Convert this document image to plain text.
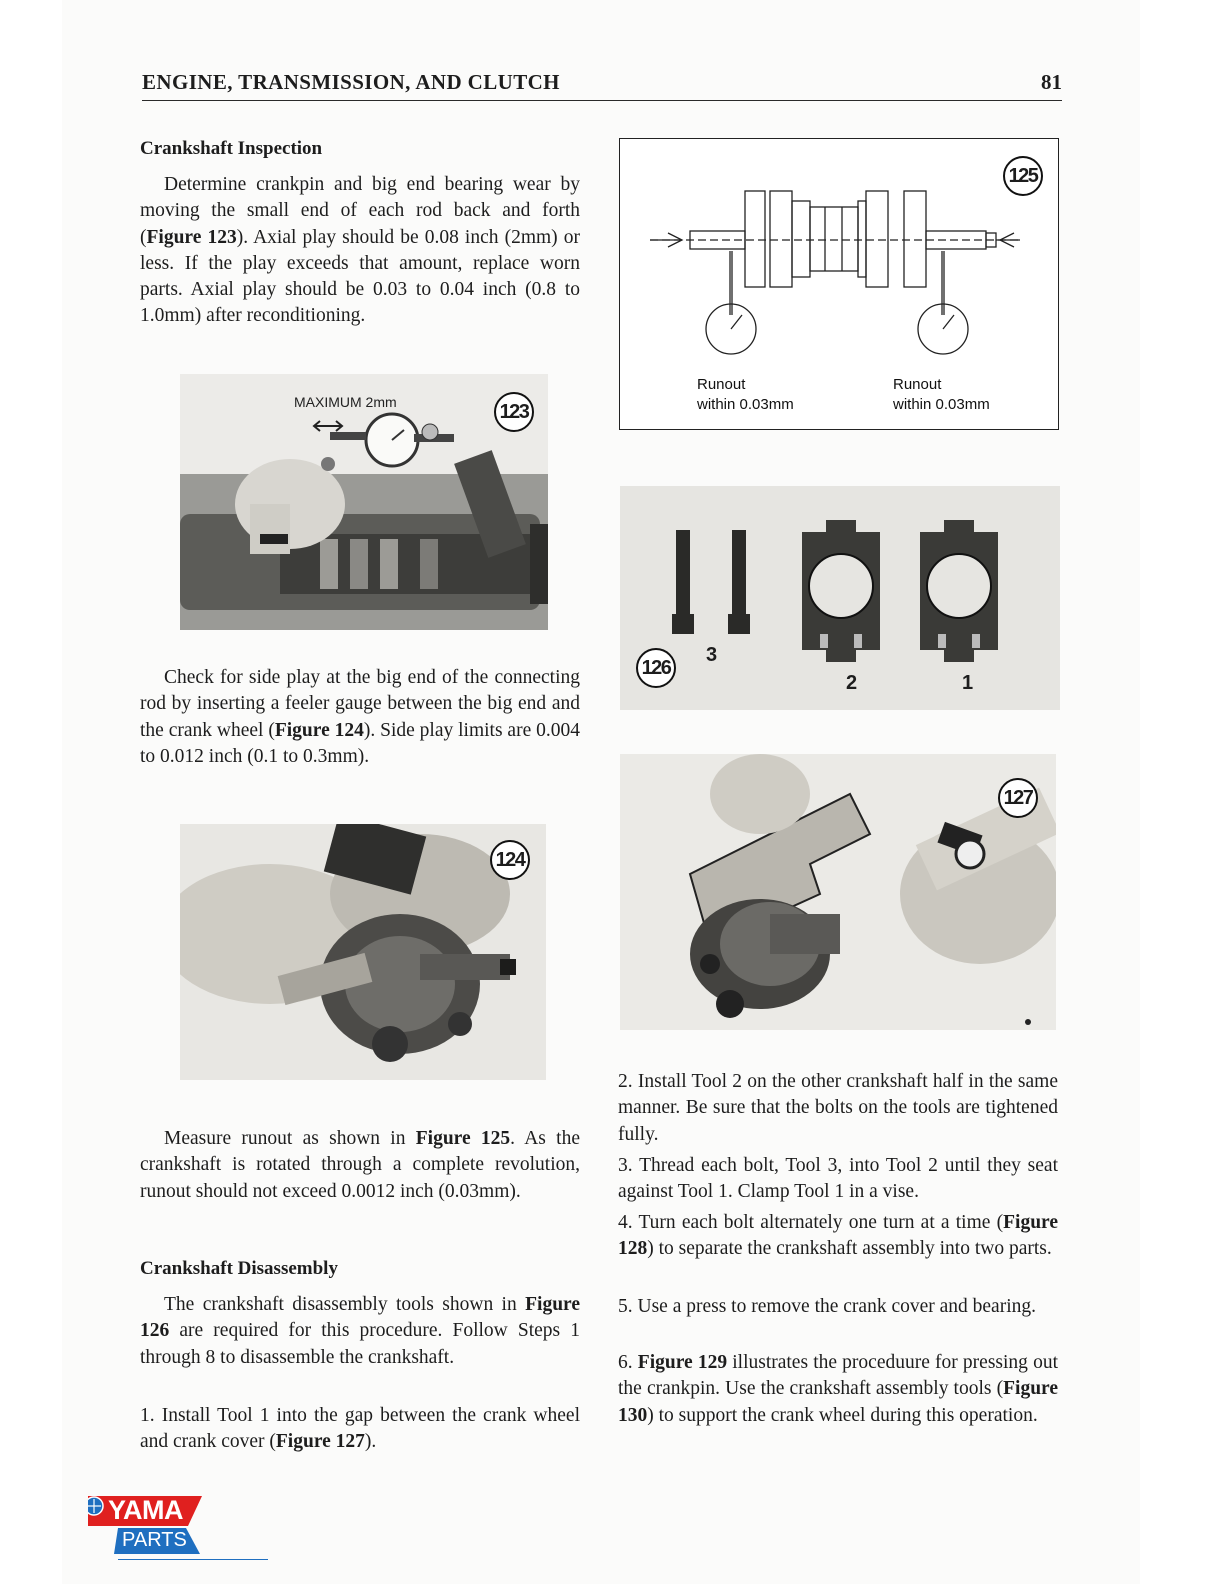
ENGINE, TRANSMISSION, AND CLUTCH	81
Crankshaft Inspection

Determine crankpin and big end bearing wear by moving the small end of each rod back and forth (Figure 123). Axial play should be 0.08 inch (2mm) or less. If the play exceeds that amount, replace worn parts. Axial play should be 0.03 to 0.04 inch (0.8 to 1.0mm) after reconditioning.

MAXIMUM 2mm	123

Check for side play at the big end of the connecting rod by inserting a feeler gauge between the big end and the crank wheel (Figure 124). Side play limits are 0.004 to 0.012 inch (0.1 to 0.3mm).

124

Measure runout as shown in Figure 125. As the crankshaft is rotated through a complete revolution, runout should not exceed 0.0012 inch (0.03mm).

Crankshaft Disassembly

The crankshaft disassembly tools shown in Figure 126 are required for this procedure. Follow Steps 1 through 8 to disassemble the crankshaft.

1. Install Tool 1 into the gap between the crank wheel and crank cover (Figure 127).

125
Runout
within 0.03mm
Runout
within 0.03mm
126
3
2	1
127

2. Install Tool 2 on the other crankshaft half in the same manner. Be sure that the bolts on the tools are tightened fully.

3. Thread each bolt, Tool 3, into Tool 2 until they seat against Tool 1. Clamp Tool 1 in a vise.

4. Turn each bolt alternately one turn at a time (Figure 128) to separate the crankshaft assembly into two parts.

5. Use a press to remove the crank cover and bearing.

6. Figure 129 illustrates the proceduure for pressing out the crankpin. Use the crankshaft assembly tools (Figure 130) to support the crank wheel during this operation.

YAMA
PARTS
